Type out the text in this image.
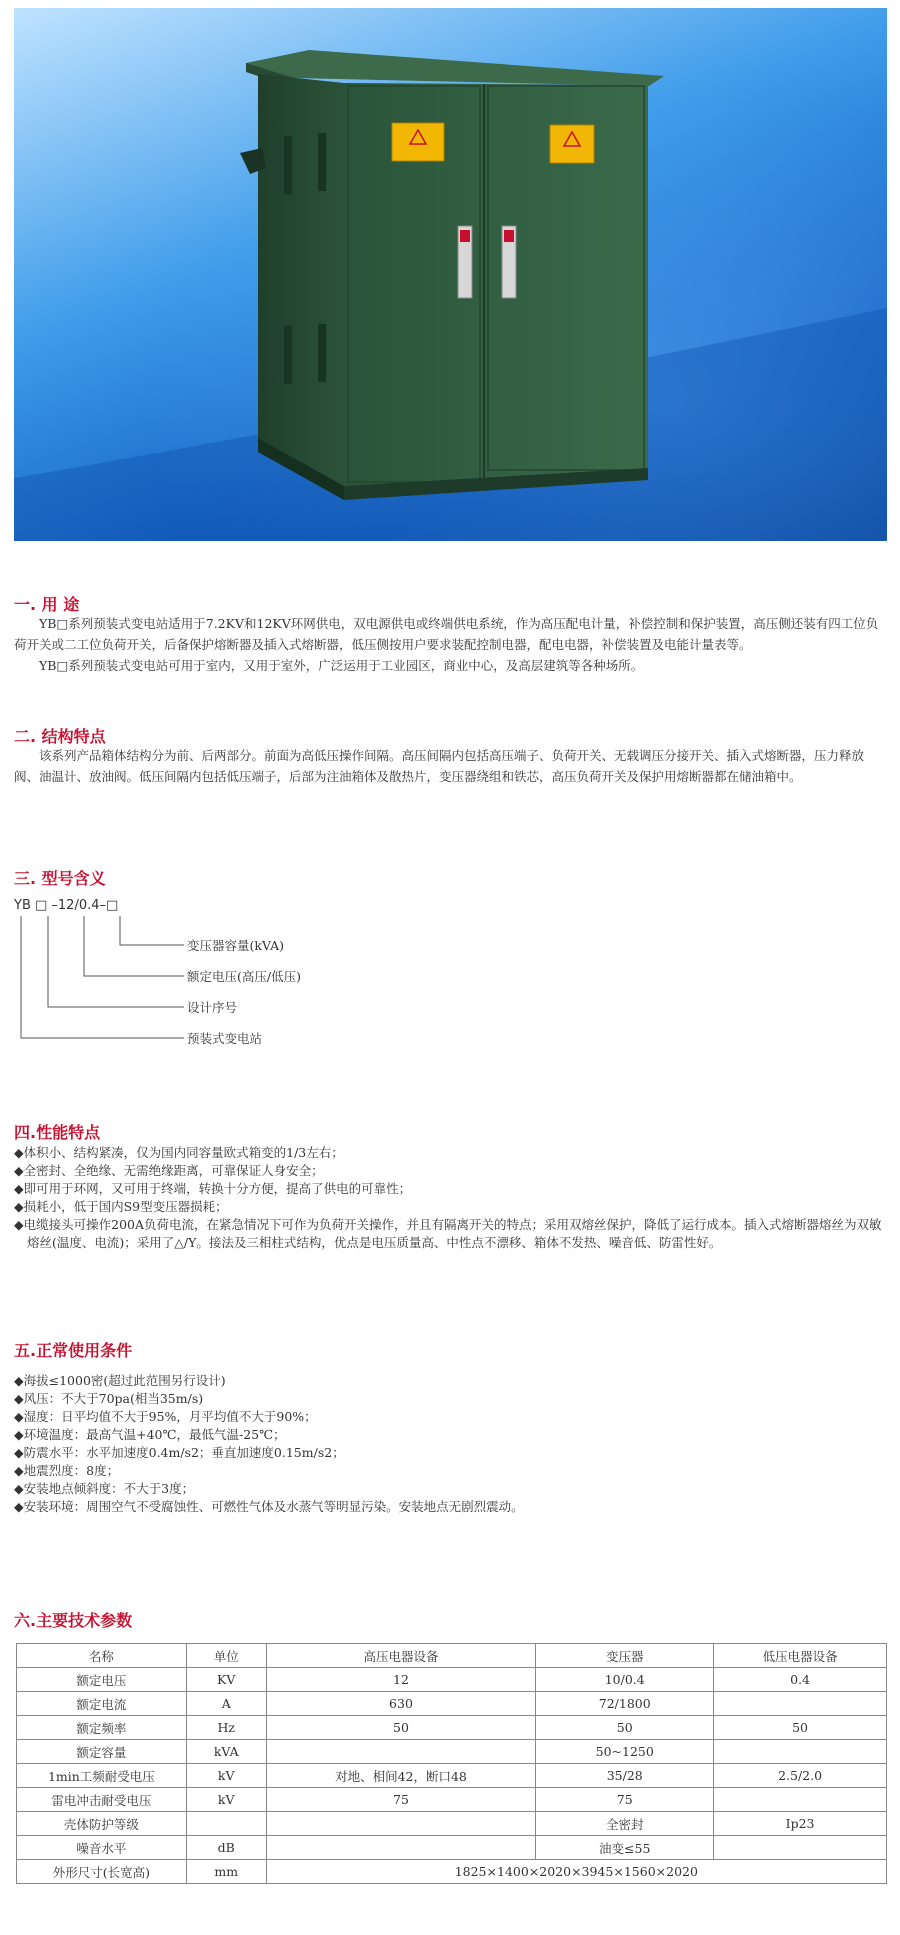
一. 用 途

YB□系列预装式变电站适用于7.2KV和12KV环网供电，双电源供电或终端供电系统，作为高压配电计量，补偿控制和保护装置，高压侧还装有四工位负荷开关或二工位负荷开关，后备保护熔断器及插入式熔断器，低压侧按用户要求装配控制电器，配电电器，补偿装置及电能计量表等。

YB□系列预装式变电站可用于室内，又用于室外，广泛运用于工业园区，商业中心，及高层建筑等各种场所。

二. 结构特点

该系列产品箱体结构分为前、后两部分。前面为高低压操作间隔。高压间隔内包括高压端子、负荷开关、无载调压分接开关、插入式熔断器，压力释放阀、油温计、放油阀。低压间隔内包括低压端子，后部为注油箱体及散热片，变压器绕组和铁芯，高压负荷开关及保护用熔断器都在储油箱中。

三. 型号含义
YB □ –12/0.4–□
变压器容量(kVA)
额定电压(高压/低压)
设计序号
预装式变电站
四.性能特点
◆体积小、结构紧凑，仅为国内同容量欧式箱变的1/3左右；
◆全密封、全绝缘、无需绝缘距离，可靠保证人身安全；
◆即可用于环网，又可用于终端，转换十分方便，提高了供电的可靠性；
◆损耗小，低于国内S9型变压器损耗；
◆电缆接头可操作200A负荷电流，在紧急情况下可作为负荷开关操作，并且有隔离开关的特点；采用双熔丝保护，降低了运行成本。插入式熔断器熔丝为双敏熔丝(温度、电流)；采用了△/Y。接法及三相柱式结构，优点是电压质量高、中性点不漂移、箱体不发热、噪音低、防雷性好。
五.正常使用条件
◆海拔≤1000密(超过此范围另行设计)
◆风压：不大于70pa(相当35m/s)
◆湿度：日平均值不大于95%，月平均值不大于90%；
◆环境温度：最高气温+40℃，最低气温-25℃；
◆防震水平：水平加速度0.4m/s2；垂直加速度0.15m/s2；
◆地震烈度：8度；
◆安装地点倾斜度：不大于3度；
◆安装环境：周围空气不受腐蚀性、可燃性气体及水蒸气等明显污染。安装地点无剧烈震动。
六.主要技术参数
名称	单位	高压电器设备	变压器	低压电器设备
额定电压	KV	12	10/0.4	0.4
额定电流	A	630	72/1800	
额定频率	Hz	50	50	50
额定容量	kVA		50~1250	
1min工频耐受电压	kV	对地、相间42，断口48	35/28	2.5/2.0
雷电冲击耐受电压	kV	75	75	
壳体防护等级			全密封	Ip23
噪音水平	dB		油变≤55	
外形尺寸(长宽高)	mm	1825×1400×2020×3945×1560×2020		
